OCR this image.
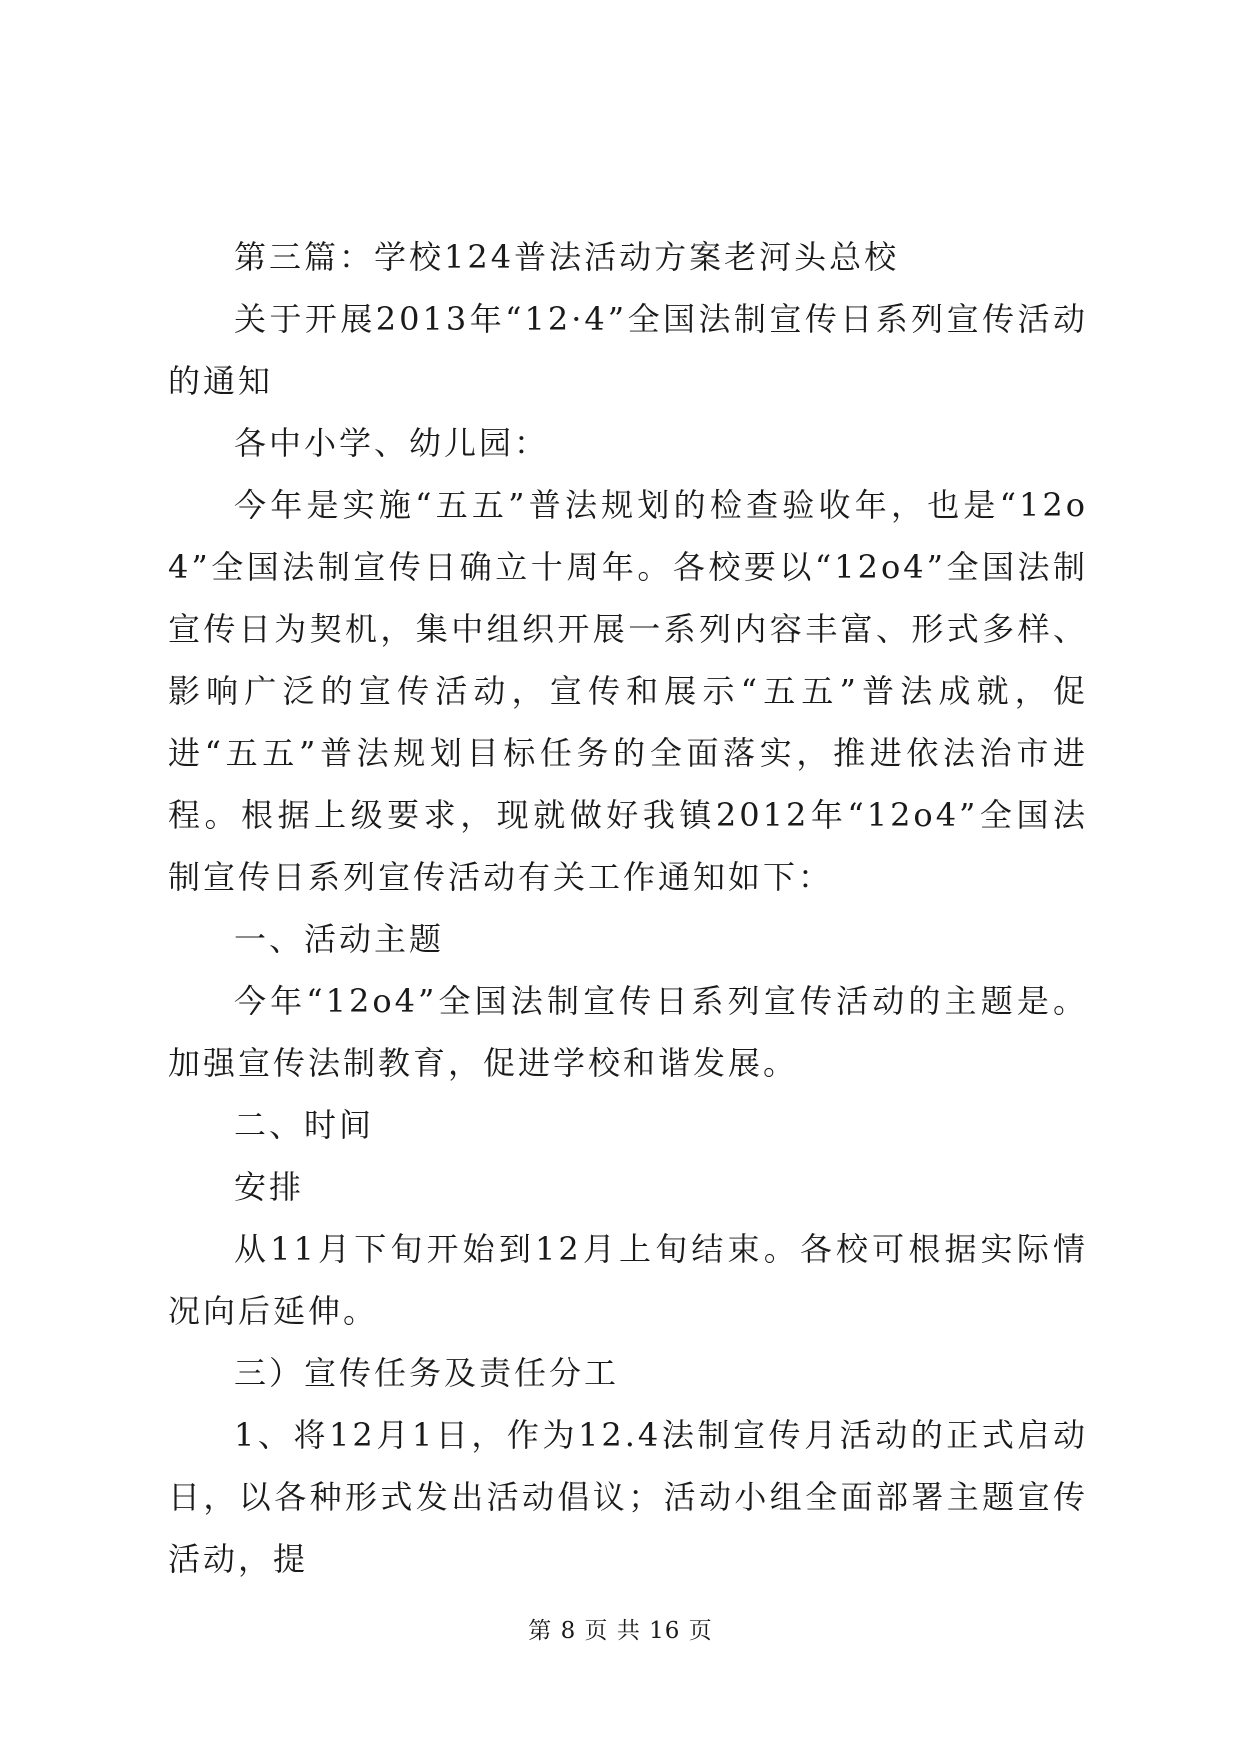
第三篇：学校124普法活动方案老河头总校

关于开展2013年“12·4”全国法制宣传日系列宣传活动的通知

各中小学、幼儿园：

今年是实施“五五”普法规划的检查验收年，也是“12o4”全国法制宣传日确立十周年。各校要以“12o4”全国法制宣传日为契机，集中组织开展一系列内容丰富、形式多样、影响广泛的宣传活动，宣传和展示“五五”普法成就，促进“五五”普法规划目标任务的全面落实，推进依法治市进程。根据上级要求，现就做好我镇2012年“12o4”全国法制宣传日系列宣传活动有关工作通知如下：

一、活动主题

今年“12o4”全国法制宣传日系列宣传活动的主题是。加强宣传法制教育，促进学校和谐发展。

二、时间

安排

从11月下旬开始到12月上旬结束。各校可根据实际情况向后延伸。

三）宣传任务及责任分工

1、将12月1日，作为12.4法制宣传月活动的正式启动日，以各种形式发出活动倡议；活动小组全面部署主题宣传活动，提

第 8 页 共 16 页
